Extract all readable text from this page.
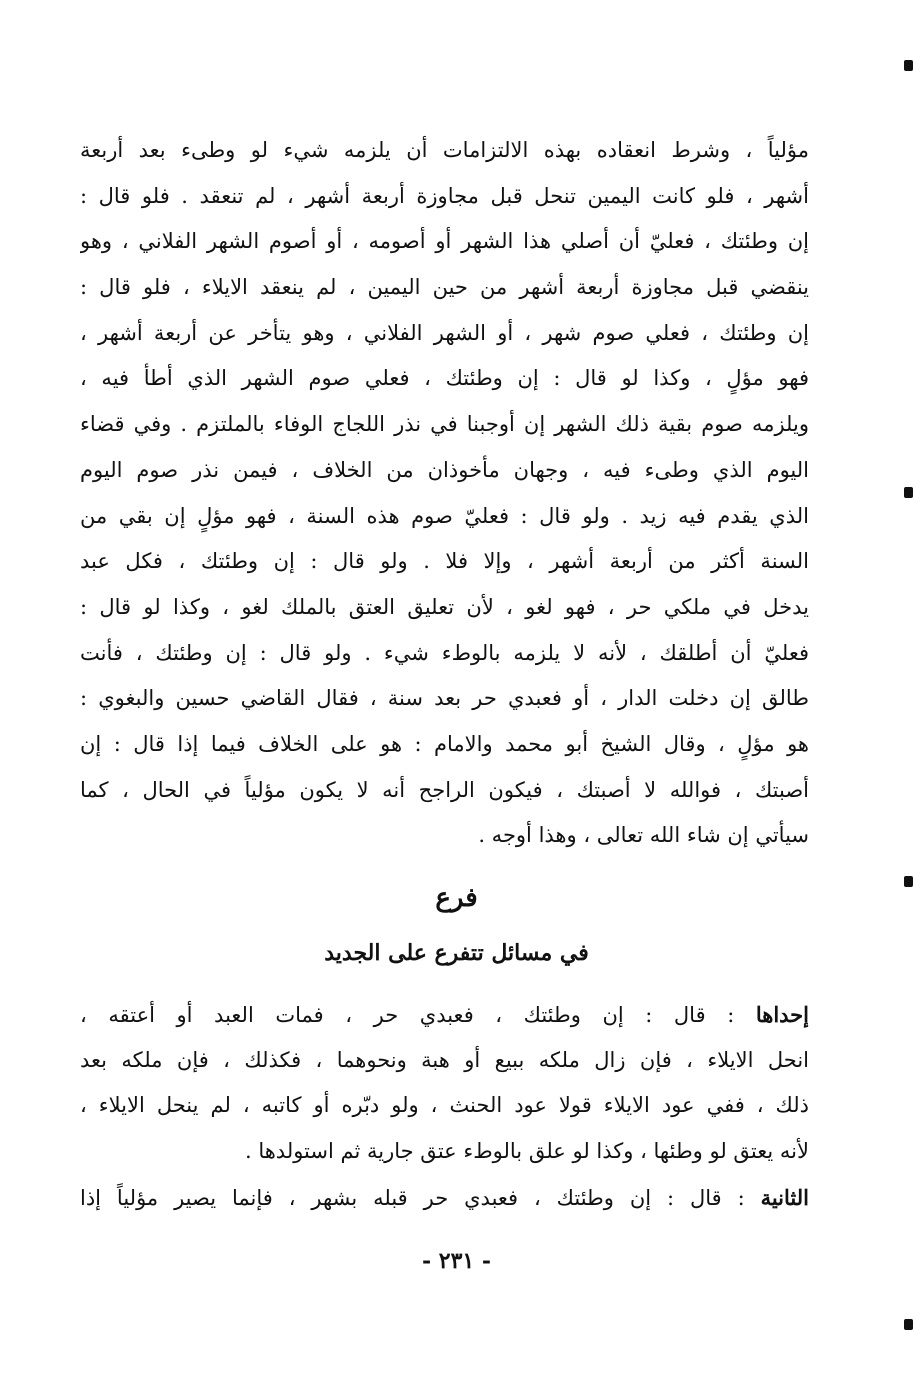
مؤلياً ، وشرط انعقاده بهذه الالتزامات أن يلزمه شيء لو وطىء بعد أربعة
أشهر ، فلو كانت اليمين تنحل قبل مجاوزة أربعة أشهر ، لم تنعقد . فلو قال :
إن وطئتك ، فعليّ أن أصلي هذا الشهر أو أصومه ، أو أصوم الشهر الفلاني ، وهو
ينقضي قبل مجاوزة أربعة أشهر من حين اليمين ، لم ينعقد الايلاء ، فلو قال :
إن وطئتك ، فعلي صوم شهر ، أو الشهر الفلاني ، وهو يتأخر عن أربعة أشهر ،
فهو مؤلٍ ، وكذا لو قال : إن وطئتك ، فعلي صوم الشهر الذي أطأ فيه ،
ويلزمه صوم بقية ذلك الشهر إن أوجبنا في نذر اللجاج الوفاء بالملتزم . وفي قضاء
اليوم الذي وطىء فيه ، وجهان مأخوذان من الخلاف ، فيمن نذر صوم اليوم
الذي يقدم فيه زيد . ولو قال : فعليّ صوم هذه السنة ، فهو مؤلٍ إن بقي من
السنة أكثر من أربعة أشهر ، وإلا فلا . ولو قال : إن وطئتك ، فكل عبد
يدخل في ملكي حر ، فهو لغو ، لأن تعليق العتق بالملك لغو ، وكذا لو قال :
فعليّ أن أطلقك ، لأنه لا يلزمه بالوطء شيء . ولو قال : إن وطئتك ، فأنت
طالق إن دخلت الدار ، أو فعبدي حر بعد سنة ، فقال القاضي حسين والبغوي :
هو مؤلٍ ، وقال الشيخ أبو محمد والامام : هو على الخلاف فيما إذا قال : إن
أصبتك ، فوالله لا أصبتك ، فيكون الراجح أنه لا يكون مؤلياً في الحال ، كما
سيأتي إن شاء الله تعالى ، وهذا أوجه .
فرع
في مسائل تتفرع على الجديد
إحداها : قال : إن وطئتك ، فعبدي حر ، فمات العبد أو أعتقه ،
انحل الايلاء ، فإن زال ملكه ببيع أو هبة ونحوهما ، فكذلك ، فإن ملكه بعد
ذلك ، ففي عود الايلاء قولا عود الحنث ، ولو دبّره أو كاتبه ، لم ينحل الايلاء ،
لأنه يعتق لو وطئها ، وكذا لو علق بالوطء عتق جارية ثم استولدها .
الثانية : قال : إن وطئتك ، فعبدي حر قبله بشهر ، فإنما يصير مؤلياً إذا
- ٢٣١ -
